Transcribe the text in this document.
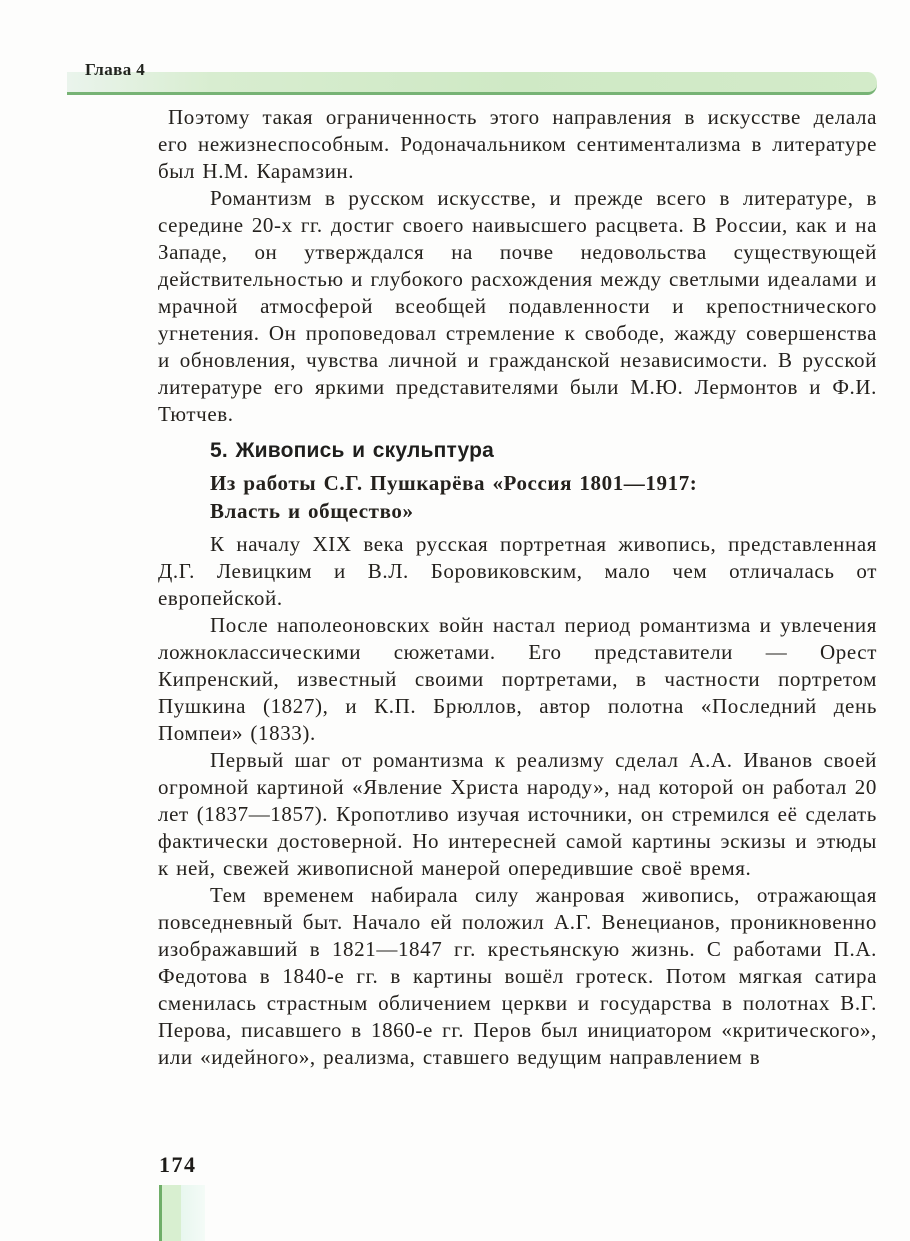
Глава 4

Поэтому такая ограниченность этого направления в искусстве делала его нежизнеспособным. Родоначальником сентиментализма в литературе был Н.М. Карамзин.

Романтизм в русском искусстве, и прежде всего в литературе, в середине 20-х гг. достиг своего наивысшего расцвета. В России, как и на Западе, он утверждался на почве недовольства существующей действительностью и глубокого расхождения между светлыми идеалами и мрачной атмосферой всеобщей подавленности и крепостнического угнетения. Он проповедовал стремление к свободе, жажду совершенства и обновления, чувства личной и гражданской независимости. В русской литературе его яркими представителями были М.Ю. Лермонтов и Ф.И. Тютчев.

5. Живопись и скульптура

Из работы С.Г. Пушкарёва «Россия 1801—1917:
Власть и общество»

К началу XIX века русская портретная живопись, представленная Д.Г. Левицким и В.Л. Боровиковским, мало чем отличалась от европейской.

После наполеоновских войн настал период романтизма и увлечения ложноклассическими сюжетами. Его представители — Орест Кипренский, известный своими портретами, в частности портретом Пушкина (1827), и К.П. Брюллов, автор полотна «Последний день Помпеи» (1833).

Первый шаг от романтизма к реализму сделал А.А. Иванов своей огромной картиной «Явление Христа народу», над которой он работал 20 лет (1837—1857). Кропотливо изучая источники, он стремился её сделать фактически достоверной. Но интересней самой картины эскизы и этюды к ней, свежей живописной манерой опередившие своё время.

Тем временем набирала силу жанровая живопись, отражающая повседневный быт. Начало ей положил А.Г. Венецианов, проникновенно изображавший в 1821—1847 гг. крестьянскую жизнь. С работами П.А. Федотова в 1840-е гг. в картины вошёл гротеск. Потом мягкая сатира сменилась страстным обличением церкви и государства в полотнах В.Г. Перова, писавшего в 1860-е гг. Перов был инициатором «критического», или «идейного», реализма, ставшего ведущим направлением в

174
